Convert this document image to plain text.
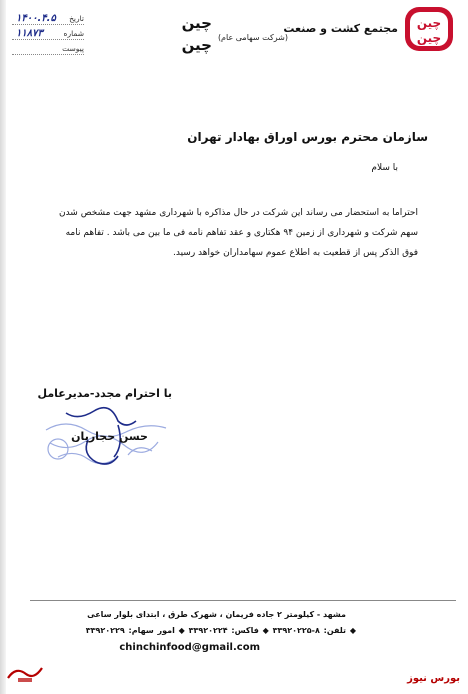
چین
چین
مجتمع کشت و صنعت
چین
چین (شرکت سهامی عام)
تاریخ
۱۴۰۰.۴.۵
شماره
۱۱۸۷۳
پیوست
سازمان محترم بورس اوراق بهادار تهران
با سلام
احتراما به استحضار می رساند این شرکت در حال مذاکره با شهرداری مشهد جهت مشخص شدن
سهم شرکت و شهرداری از زمین ۹۴ هکتاری و عقد تفاهم نامه فی ما بین می باشد . تفاهم نامه
فوق الذکر پس از قطعیت به اطلاع عموم سهامداران خواهد رسید.
با احترام مجدد-مدیرعامل
حسن حجاریان
مشهد - کیلومتر ۲ جاده فریمان ، شهرک طرق ، ابتدای بلوار ساعی
◆ تلفن: ۸-۳۳۹۲۰۲۲۵ ◆ فاکس: ۳۳۹۲۰۲۲۴ ◆ امور سهام: ۳۳۹۲۰۲۲۹
chinchinfood@gmail.com
بورس نیوز
